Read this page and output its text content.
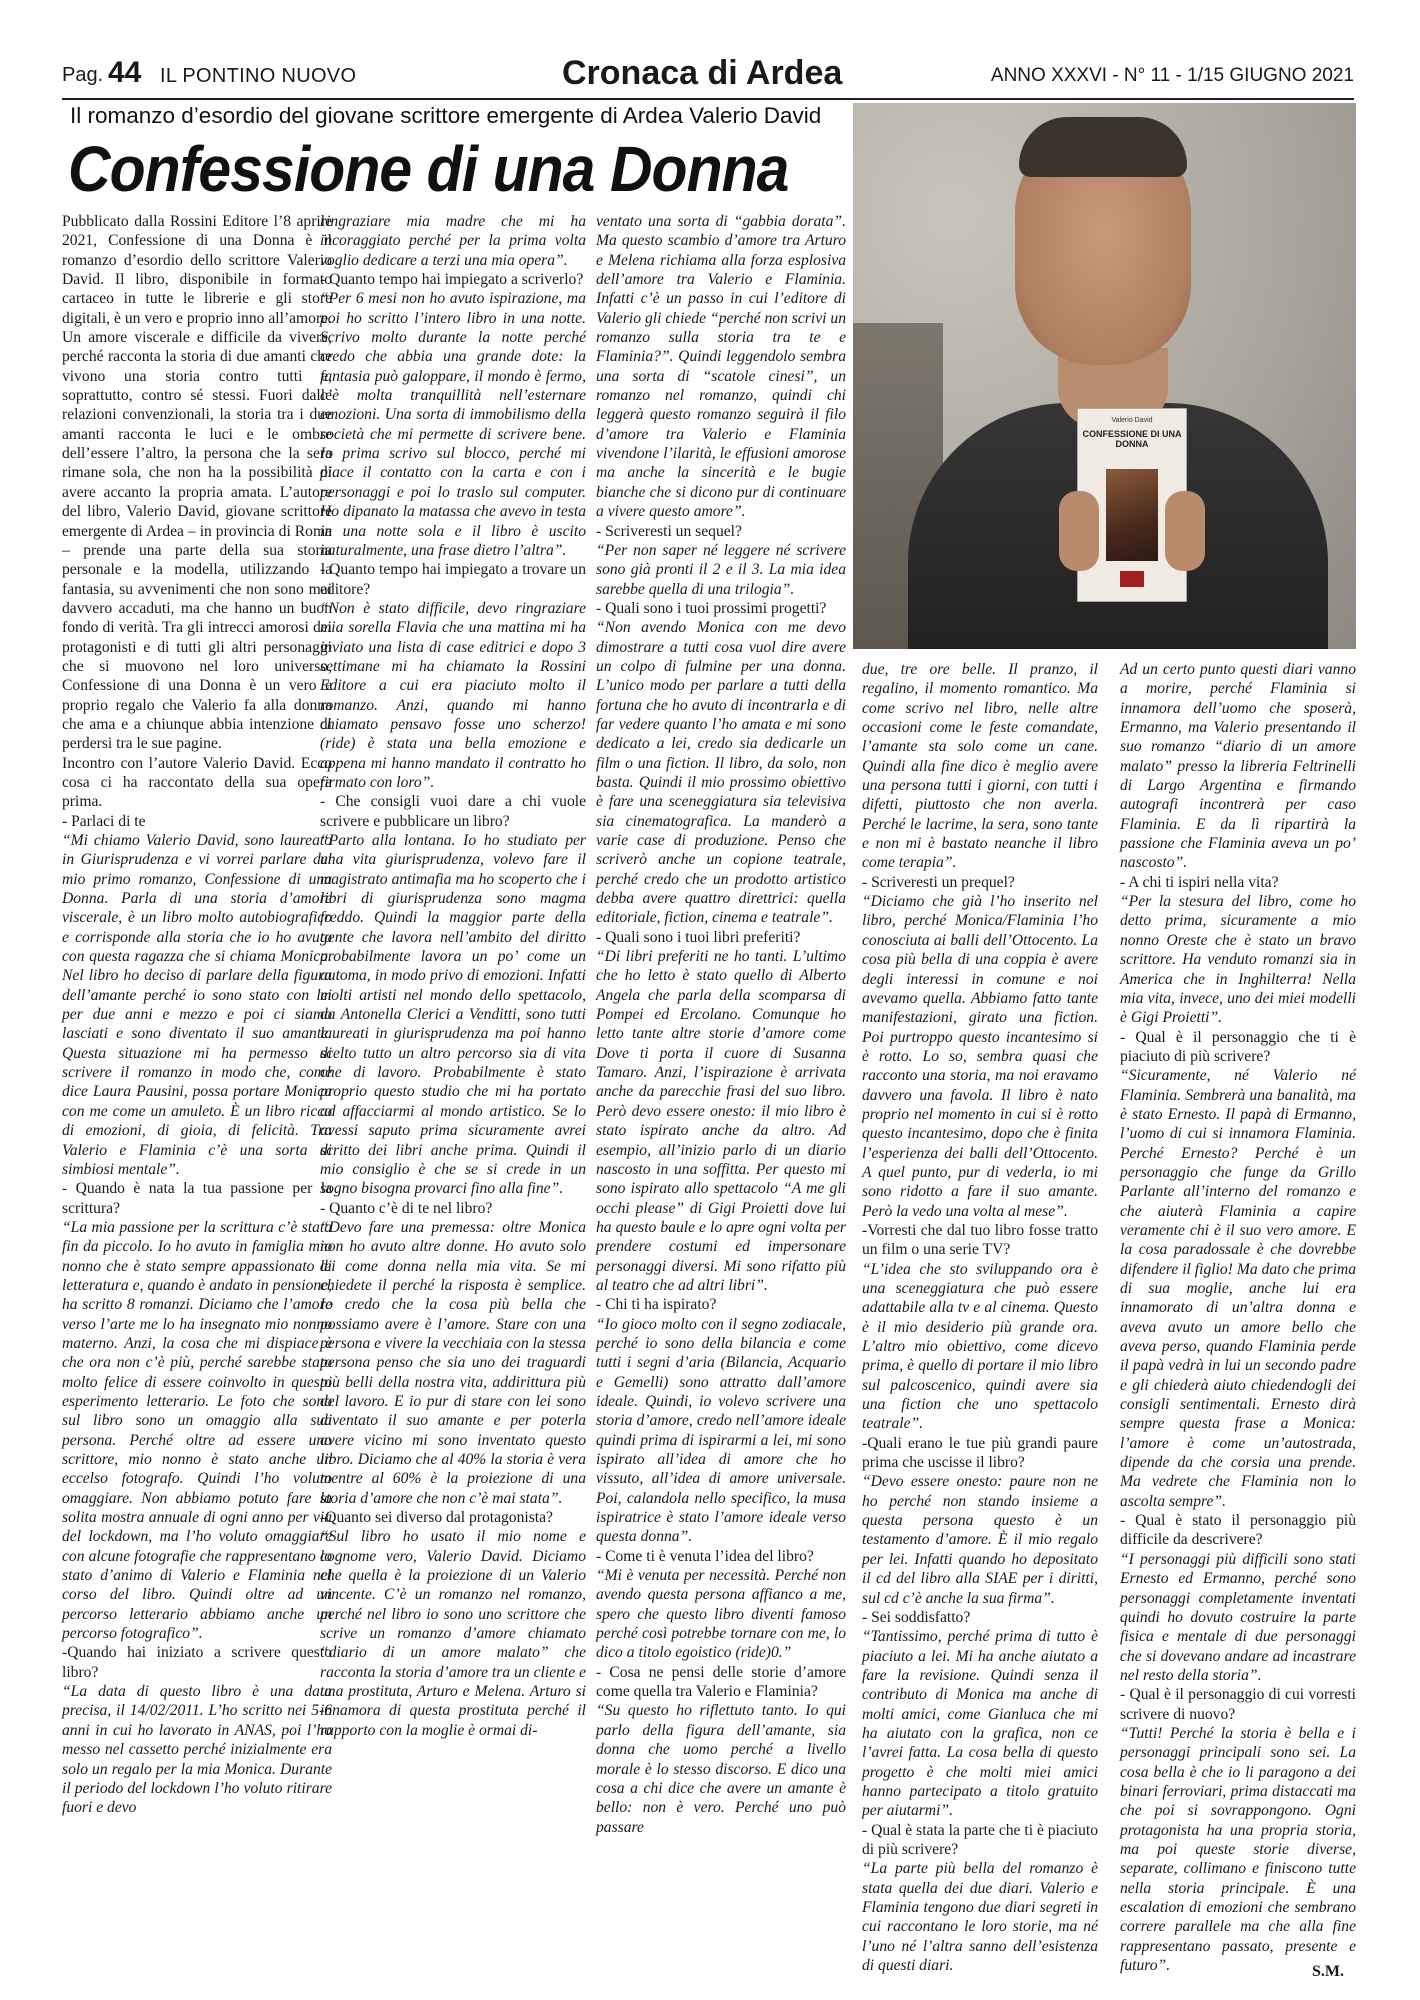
Pag. 44 IL PONTINO NUOVO	Cronaca di Ardea	ANNO XXXVI - N° 11 - 1/15 GIUGNO 2021
Il romanzo d’esordio del giovane scrittore emergente di Ardea Valerio David
Confessione di una Donna
Valerio David
CONFESSIONE DI UNA DONNA

Pubblicato dalla Rossini Editore l’8 aprile 2021, Confessione di una Donna è il romanzo d’esordio dello scrittore Valerio David. Il libro, disponibile in formato cartaceo in tutte le librerie e gli store digitali, è un vero e proprio inno all’amore. Un amore viscerale e difficile da vivere, perché racconta la storia di due amanti che vivono una storia contro tutti e, soprattutto, contro sé stessi. Fuori dalle relazioni convenzionali, la storia tra i due amanti racconta le luci e le ombre dell’essere l’altro, la persona che la sera rimane sola, che non ha la possibilità di avere accanto la propria amata. L’autore del libro, Valerio David, giovane scrittore emergente di Ardea – in provincia di Roma – prende una parte della sua storia personale e la modella, utilizzando la fantasia, su avvenimenti che non sono mai davvero accaduti, ma che hanno un buon fondo di verità. Tra gli intrecci amorosi dei protagonisti e di tutti gli altri personaggi che si muovono nel loro universo, Confessione di una Donna è un vero e proprio regalo che Valerio fa alla donna che ama e a chiunque abbia intenzione di perdersi tra le sue pagine.

Incontro con l’autore Valerio David. Ecco cosa ci ha raccontato della sua opera prima.

- Parlaci di te

“Mi chiamo Valerio David, sono laureato in Giurisprudenza e vi vorrei parlare del mio primo romanzo, Confessione di una Donna. Parla di una storia d’amore viscerale, è un libro molto autobiografico e corrisponde alla storia che io ho avuto con questa ragazza che si chiama Monica. Nel libro ho deciso di parlare della figura dell’amante perché io sono stato con lei per due anni e mezzo e poi ci siamo lasciati e sono diventato il suo amante. Questa situazione mi ha permesso di scrivere il romanzo in modo che, come dice Laura Pausini, possa portare Monica con me come un amuleto. È un libro ricco di emozioni, di gioia, di felicità. Tra Valerio e Flaminia c’è una sorta di simbiosi mentale”.

- Quando è nata la tua passione per la scrittura?

“La mia passione per la scrittura c’è stata fin da piccolo. Io ho avuto in famiglia mio nonno che è stato sempre appassionato di letteratura e, quando è andato in pensione, ha scritto 8 romanzi. Diciamo che l’amore verso l’arte me lo ha insegnato mio nonno materno. Anzi, la cosa che mi dispiace è che ora non c’è più, perché sarebbe stato molto felice di essere coinvolto in questo esperimento letterario. Le foto che sono sul libro sono un omaggio alla sua persona. Perché oltre ad essere uno scrittore, mio nonno è stato anche un eccelso fotografo. Quindi l’ho voluto omaggiare. Non abbiamo potuto fare la solita mostra annuale di ogni anno per via del lockdown, ma l’ho voluto omaggiare con alcune fotografie che rappresentano lo stato d’animo di Valerio e Flaminia nel corso del libro. Quindi oltre ad un percorso letterario abbiamo anche un percorso fotografico”.

-Quando hai iniziato a scrivere questo libro?

“La data di questo libro è una data precisa, il 14/02/2011. L’ho scritto nei 5-6 anni in cui ho lavorato in ANAS, poi l’ho messo nel cassetto perché inizialmente era solo un regalo per la mia Monica. Durante il periodo del lockdown l’ho voluto ritirare fuori e devo

ringraziare mia madre che mi ha incoraggiato perché per la prima volta voglio dedicare a terzi una mia opera”.

- Quanto tempo hai impiegato a scriverlo?

“Per 6 mesi non ho avuto ispirazione, ma poi ho scritto l’intero libro in una notte. Scrivo molto durante la notte perché credo che abbia una grande dote: la fantasia può galoppare, il mondo è fermo, c’è molta tranquillità nell’esternare emozioni. Una sorta di immobilismo della società che mi permette di scrivere bene. Io prima scrivo sul blocco, perché mi piace il contatto con la carta e con i personaggi e poi lo traslo sul computer. Ho dipanato la matassa che avevo in testa in una notte sola e il libro è uscito naturalmente, una frase dietro l’altra”.

- Quanto tempo hai impiegato a trovare un editore?

“Non è stato difficile, devo ringraziare mia sorella Flavia che una mattina mi ha inviato una lista di case editrici e dopo 3 settimane mi ha chiamato la Rossini Editore a cui era piaciuto molto il romanzo. Anzi, quando mi hanno chiamato pensavo fosse uno scherzo! (ride) è stata una bella emozione e appena mi hanno mandato il contratto ho firmato con loro”.

- Che consigli vuoi dare a chi vuole scrivere e pubblicare un libro?

“Parto alla lontana. Io ho studiato per una vita giurisprudenza, volevo fare il magistrato antimafia ma ho scoperto che i libri di giurisprudenza sono magma freddo. Quindi la maggior parte della gente che lavora nell’ambito del diritto probabilmente lavora un po’ come un automa, in modo privo di emozioni. Infatti molti artisti nel mondo dello spettacolo, da Antonella Clerici a Venditti, sono tutti laureati in giurisprudenza ma poi hanno scelto tutto un altro percorso sia di vita che di lavoro. Probabilmente è stato proprio questo studio che mi ha portato ad affacciarmi al mondo artistico. Se lo avessi saputo prima sicuramente avrei scritto dei libri anche prima. Quindi il mio consiglio è che se si crede in un sogno bisogna provarci fino alla fine”.

- Quanto c’è di te nel libro?

“Devo fare una premessa: oltre Monica non ho avuto altre donne. Ho avuto solo lei come donna nella mia vita. Se mi chiedete il perché la risposta è semplice. Io credo che la cosa più bella che possiamo avere è l’amore. Stare con una persona e vivere la vecchiaia con la stessa persona penso che sia uno dei traguardi più belli della nostra vita, addirittura più del lavoro. E io pur di stare con lei sono diventato il suo amante e per poterla avere vicino mi sono inventato questo libro. Diciamo che al 40% la storia è vera mentre al 60% è la proiezione di una storia d’amore che non c’è mai stata”.

-Quanto sei diverso dal protagonista?

“Sul libro ho usato il mio nome e cognome vero, Valerio David. Diciamo che quella è la proiezione di un Valerio vincente. C’è un romanzo nel romanzo, perché nel libro io sono uno scrittore che scrive un romanzo d’amore chiamato “diario di un amore malato” che racconta la storia d’amore tra un cliente e una prostituta, Arturo e Melena. Arturo si innamora di questa prostituta perché il rapporto con la moglie è ormai di-

ventato una sorta di “gabbia dorata”. Ma questo scambio d’amore tra Arturo e Melena richiama alla forza esplosiva dell’amore tra Valerio e Flaminia. Infatti c’è un passo in cui l’editore di Valerio gli chiede “perché non scrivi un romanzo sulla storia tra te e Flaminia?”. Quindi leggendolo sembra una sorta di “scatole cinesi”, un romanzo nel romanzo, quindi chi leggerà questo romanzo seguirà il filo d’amore tra Valerio e Flaminia vivendone l’ilarità, le effusioni amorose ma anche la sincerità e le bugie bianche che si dicono pur di continuare a vivere questo amore”.

- Scriveresti un sequel?

“Per non saper né leggere né scrivere sono già pronti il 2 e il 3. La mia idea sarebbe quella di una trilogia”.

- Quali sono i tuoi prossimi progetti?

“Non avendo Monica con me devo dimostrare a tutti cosa vuol dire avere un colpo di fulmine per una donna. L’unico modo per parlare a tutti della fortuna che ho avuto di incontrarla e di far vedere quanto l’ho amata e mi sono dedicato a lei, credo sia dedicarle un film o una fiction. Il libro, da solo, non basta. Quindi il mio prossimo obiettivo è fare una sceneggiatura sia televisiva sia cinematografica. La manderò a varie case di produzione. Penso che scriverò anche un copione teatrale, perché credo che un prodotto artistico debba avere quattro direttrici: quella editoriale, fiction, cinema e teatrale”.

- Quali sono i tuoi libri preferiti?

“Di libri preferiti ne ho tanti. L’ultimo che ho letto è stato quello di Alberto Angela che parla della scomparsa di Pompei ed Ercolano. Comunque ho letto tante altre storie d’amore come Dove ti porta il cuore di Susanna Tamaro. Anzi, l’ispirazione è arrivata anche da parecchie frasi del suo libro. Però devo essere onesto: il mio libro è stato ispirato anche da altro. Ad esempio, all’inizio parlo di un diario nascosto in una soffitta. Per questo mi sono ispirato allo spettacolo “A me gli occhi please” di Gigi Proietti dove lui ha questo baule e lo apre ogni volta per prendere costumi ed impersonare personaggi diversi. Mi sono rifatto più al teatro che ad altri libri”.

- Chi ti ha ispirato?

“Io gioco molto con il segno zodiacale, perché io sono della bilancia e come tutti i segni d’aria (Bilancia, Acquario e Gemelli) sono attratto dall’amore ideale. Quindi, io volevo scrivere una storia d’amore, credo nell’amore ideale quindi prima di ispirarmi a lei, mi sono ispirato all’idea di amore che ho vissuto, all’idea di amore universale. Poi, calandola nello specifico, la musa ispiratrice è stato l’amore ideale verso questa donna”.

- Come ti è venuta l’idea del libro?

“Mi è venuta per necessità. Perché non avendo questa persona affianco a me, spero che questo libro diventi famoso perché così potrebbe tornare con me, lo dico a titolo egoistico (ride)0.”

- Cosa ne pensi delle storie d’amore come quella tra Valerio e Flaminia?

“Su questo ho riflettuto tanto. Io qui parlo della figura dell’amante, sia donna che uomo perché a livello morale è lo stesso discorso. E dico una cosa a chi dice che avere un amante è bello: non è vero. Perché uno può passare

due, tre ore belle. Il pranzo, il regalino, il momento romantico. Ma come scrivo nel libro, nelle altre occasioni come le feste comandate, l’amante sta solo come un cane. Quindi alla fine dico è meglio avere una persona tutti i giorni, con tutti i difetti, piuttosto che non averla. Perché le lacrime, la sera, sono tante e non mi è bastato neanche il libro come terapia”.

- Scriveresti un prequel?

“Diciamo che già l’ho inserito nel libro, perché Monica/Flaminia l’ho conosciuta ai balli dell’Ottocento. La cosa più bella di una coppia è avere degli interessi in comune e noi avevamo quella. Abbiamo fatto tante manifestazioni, girato una fiction. Poi purtroppo questo incantesimo si è rotto. Lo so, sembra quasi che racconto una storia, ma noi eravamo davvero una favola. Il libro è nato proprio nel momento in cui si è rotto questo incantesimo, dopo che è finita l’esperienza dei balli dell’Ottocento. A quel punto, pur di vederla, io mi sono ridotto a fare il suo amante. Però la vedo una volta al mese”.

-Vorresti che dal tuo libro fosse tratto un film o una serie TV?

“L’idea che sto sviluppando ora è una sceneggiatura che può essere adattabile alla tv e al cinema. Questo è il mio desiderio più grande ora. L’altro mio obiettivo, come dicevo prima, è quello di portare il mio libro sul palcoscenico, quindi avere sia una fiction che uno spettacolo teatrale”.

-Quali erano le tue più grandi paure prima che uscisse il libro?

“Devo essere onesto: paure non ne ho perché non stando insieme a questa persona questo è un testamento d’amore. È il mio regalo per lei. Infatti quando ho depositato il cd del libro alla SIAE per i diritti, sul cd c’è anche la sua firma”.

- Sei soddisfatto?

“Tantissimo, perché prima di tutto è piaciuto a lei. Mi ha anche aiutato a fare la revisione. Quindi senza il contributo di Monica ma anche di molti amici, come Gianluca che mi ha aiutato con la grafica, non ce l’avrei fatta. La cosa bella di questo progetto è che molti miei amici hanno partecipato a titolo gratuito per aiutarmi”.

- Qual è stata la parte che ti è piaciuto di più scrivere?

“La parte più bella del romanzo è stata quella dei due diari. Valerio e Flaminia tengono due diari segreti in cui raccontano le loro storie, ma né l’uno né l’altra sanno dell’esistenza di questi diari.

Ad un certo punto questi diari vanno a morire, perché Flaminia si innamora dell’uomo che sposerà, Ermanno, ma Valerio presentando il suo romanzo “diario di un amore malato” presso la libreria Feltrinelli di Largo Argentina e firmando autografi incontrerà per caso Flaminia. E da lì ripartirà la passione che Flaminia aveva un po’ nascosto”.

- A chi ti ispiri nella vita?

“Per la stesura del libro, come ho detto prima, sicuramente a mio nonno Oreste che è stato un bravo scrittore. Ha venduto romanzi sia in America che in Inghilterra! Nella mia vita, invece, uno dei miei modelli è Gigi Proietti”.

- Qual è il personaggio che ti è piaciuto di più scrivere?

“Sicuramente, né Valerio né Flaminia. Sembrerà una banalità, ma è stato Ernesto. Il papà di Ermanno, l’uomo di cui si innamora Flaminia. Perché Ernesto? Perché è un personaggio che funge da Grillo Parlante all’interno del romanzo e che aiuterà Flaminia a capire veramente chi è il suo vero amore. E la cosa paradossale è che dovrebbe difendere il figlio! Ma dato che prima di sua moglie, anche lui era innamorato di un’altra donna e aveva avuto un amore bello che aveva perso, quando Flaminia perde il papà vedrà in lui un secondo padre e gli chiederà aiuto chiedendogli dei consigli sentimentali. Ernesto dirà sempre questa frase a Monica: l’amore è come un’autostrada, dipende da che corsia una prende. Ma vedrete che Flaminia non lo ascolta sempre”.

- Qual è stato il personaggio più difficile da descrivere?

“I personaggi più difficili sono stati Ernesto ed Ermanno, perché sono personaggi completamente inventati quindi ho dovuto costruire la parte fisica e mentale di due personaggi che si dovevano andare ad incastrare nel resto della storia”.

- Qual è il personaggio di cui vorresti scrivere di nuovo?

“Tutti! Perché la storia è bella e i personaggi principali sono sei. La cosa bella è che io li paragono a dei binari ferroviari, prima distaccati ma che poi si sovrappongono. Ogni protagonista ha una propria storia, ma poi queste storie diverse, separate, collimano e finiscono tutte nella storia principale. È una escalation di emozioni che sembrano correre parallele ma che alla fine rappresentano passato, presente e futuro”.	S.M.
